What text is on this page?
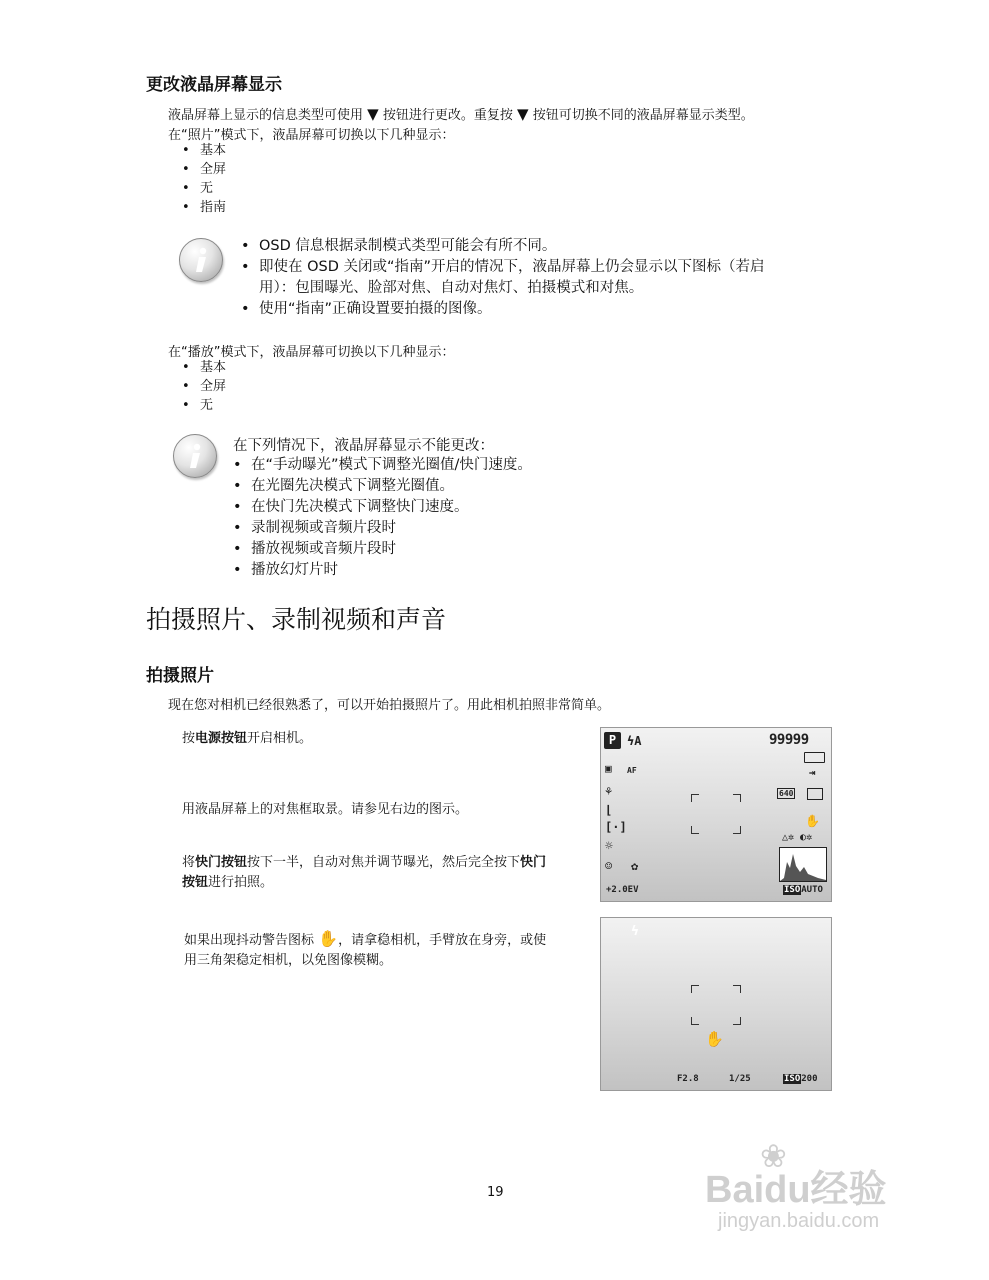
更改液晶屏幕显示
液晶屏幕上显示的信息类型可使用 ▼ 按钮进行更改。重复按 ▼ 按钮可切换不同的液晶屏幕显示类型。
在“照片”模式下，液晶屏幕可切换以下几种显示：
• 基本
• 全屏
• 无
• 指南
• OSD 信息根据录制模式类型可能会有所不同。
• 即使在 OSD 关闭或“指南”开启的情况下，液晶屏幕上仍会显示以下图标（若启
用）：包围曝光、脸部对焦、自动对焦灯、拍摄模式和对焦。
• 使用“指南”正确设置要拍摄的图像。
在“播放”模式下，液晶屏幕可切换以下几种显示：
• 基本
• 全屏
• 无
在下列情况下，液晶屏幕显示不能更改：
• 在“手动曝光”模式下调整光圈值/快门速度。
• 在光圈先决模式下调整光圈值。
• 在快门先决模式下调整快门速度。
• 录制视频或音频片段时
• 播放视频或音频片段时
• 播放幻灯片时
拍摄照片、录制视频和声音
拍摄照片
现在您对相机已经很熟悉了，可以开始拍摄照片了。用此相机拍照非常简单。
按电源按钮开启相机。
用液晶屏幕上的对焦框取景。请参见右边的图示。
将快门按钮按下一半，自动对焦并调节曝光，然后完全按下快门
按钮进行拍照。
如果出现抖动警告图标 ✋，请拿稳相机，手臂放在身旁，或使
用三角架稳定相机，以免图像模糊。
P ϟA	99999
▣ AF	⇥
⚘	640
⌊
[·]	✋
☼
△✲ ◐✲
☺ ✿
+2.0EV	ISOAUTO
ϟ
✋
F2.8	1/25	ISO200
19	Baidu经验
❀
jingyan.baidu.com
